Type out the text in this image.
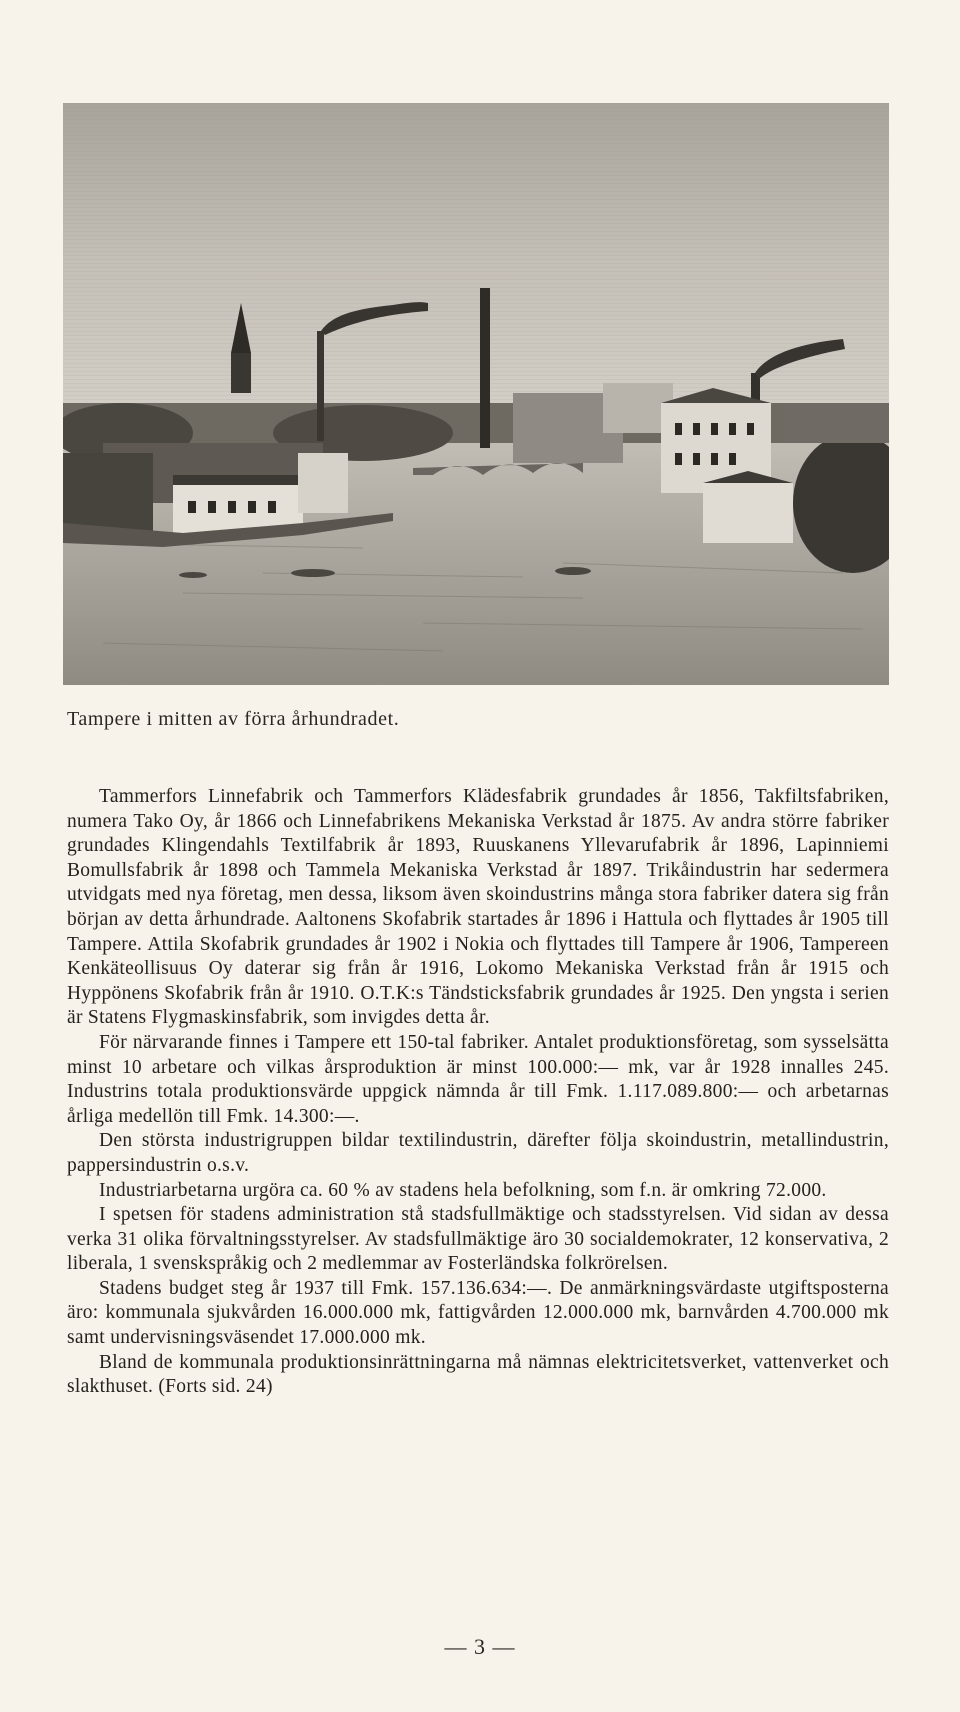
Tampere i mitten av förra århundradet.

Tammerfors Linnefabrik och Tammerfors Klädesfabrik grundades år 1856, Takfiltsfabriken, numera Tako Oy, år 1866 och Linnefabrikens Mekaniska Verkstad år 1875. Av andra större fabriker grundades Klingendahls Textilfabrik år 1893, Ruuskanens Yllevarufabrik år 1896, Lapinniemi Bomullsfabrik år 1898 och Tammela Mekaniska Verkstad år 1897. Trikåindustrin har sedermera utvidgats med nya företag, men dessa, liksom även skoindustrins många stora fabriker datera sig från början av detta århundrade. Aaltonens Skofabrik startades år 1896 i Hattula och flyttades år 1905 till Tampere. Attila Skofabrik grundades år 1902 i Nokia och flyttades till Tampere år 1906, Tampereen Kenkäteollisuus Oy daterar sig från år 1916, Lokomo Mekaniska Verkstad från år 1915 och Hyppönens Skofabrik från år 1910. O.T.K:s Tändsticksfabrik grundades år 1925. Den yngsta i serien är Statens Flygmaskinsfabrik, som invigdes detta år.

För närvarande finnes i Tampere ett 150-tal fabriker. Antalet produktionsföretag, som sysselsätta minst 10 arbetare och vilkas årsproduktion är minst 100.000:— mk, var år 1928 innalles 245. Industrins totala produktionsvärde uppgick nämnda år till Fmk. 1.117.089.800:— och arbetarnas årliga medellön till Fmk. 14.300:—.

Den största industrigruppen bildar textilindustrin, därefter följa skoindustrin, metallindustrin, pappersindustrin o.s.v.

Industriarbetarna urgöra ca. 60 % av stadens hela befolkning, som f.n. är omkring 72.000.

I spetsen för stadens administration stå stadsfullmäktige och stadsstyrelsen. Vid sidan av dessa verka 31 olika förvaltningsstyrelser. Av stadsfullmäktige äro 30 socialdemokrater, 12 konservativa, 2 liberala, 1 svenskspråkig och 2 medlemmar av Fosterländska folkrörelsen.

Stadens budget steg år 1937 till Fmk. 157.136.634:—. De anmärkningsvärdaste utgiftsposterna äro: kommunala sjukvården 16.000.000 mk, fattigvården 12.000.000 mk, barnvården 4.700.000 mk samt undervisningsväsendet 17.000.000 mk.

Bland de kommunala produktionsinrättningarna må nämnas elektricitetsverket, vattenverket och slakthuset. (Forts sid. 24)

— 3 —
